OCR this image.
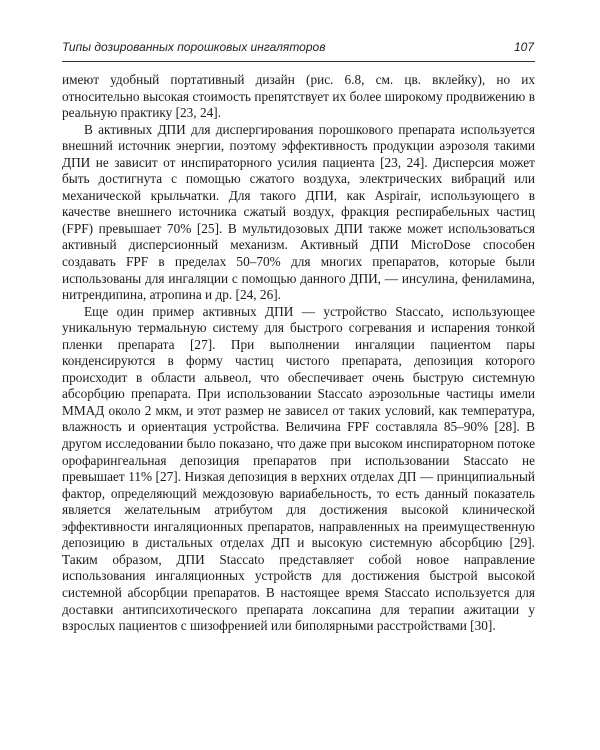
Типы дозированных порошковых ингаляторов	107

имеют удобный портативный дизайн (рис. 6.8, см. цв. вклейку), но их относительно высокая стоимость препятствует их более широкому продвижению в реальную практику [23, 24].

В активных ДПИ для диспергирования порошкового препарата используется внешний источник энергии, поэтому эффективность продукции аэрозоля такими ДПИ не зависит от инспираторного усилия пациента [23, 24]. Дисперсия может быть достигнута с помощью сжатого воздуха, электрических вибраций или механической крыльчатки. Для такого ДПИ, как Aspirair, использующего в качестве внешнего источника сжатый воздух, фракция респирабельных частиц (FPF) превышает 70% [25]. В мультидозовых ДПИ также может использоваться активный дисперсионный механизм. Активный ДПИ MicroDose способен создавать FPF в пределах 50–70% для многих препаратов, которые были использованы для ингаляции с помощью данного ДПИ, — инсулина, фениламина, нитрендипина, атропина и др. [24, 26].

Еще один пример активных ДПИ — устройство Staccato, использующее уникальную термальную систему для быстрого согревания и испарения тонкой пленки препарата [27]. При выполнении ингаляции пациентом пары конденсируются в форму частиц чистого препарата, депозиция которого происходит в области альвеол, что обеспечивает очень быструю системную абсорбцию препарата. При использовании Staccato аэрозольные частицы имели ММАД около 2 мкм, и этот размер не зависел от таких условий, как температура, влажность и ориентация устройства. Величина FPF составляла 85–90% [28]. В другом исследовании было показано, что даже при высоком инспираторном потоке орофарингеальная депозиция препаратов при использовании Staccato не превышает 11% [27]. Низкая депозиция в верхних отделах ДП — принципиальный фактор, определяющий междозовую вариабельность, то есть данный показатель является желательным атрибутом для достижения высокой клинической эффективности ингаляционных препаратов, направленных на преимущественную депозицию в дистальных отделах ДП и высокую системную абсорбцию [29]. Таким образом, ДПИ Staccato представляет собой новое направление использования ингаляционных устройств для достижения быстрой высокой системной абсорбции препаратов. В настоящее время Staccato используется для доставки антипсихотического препарата локсапина для терапии ажитации у взрослых пациентов с шизофренией или биполярными расстройствами [30].
